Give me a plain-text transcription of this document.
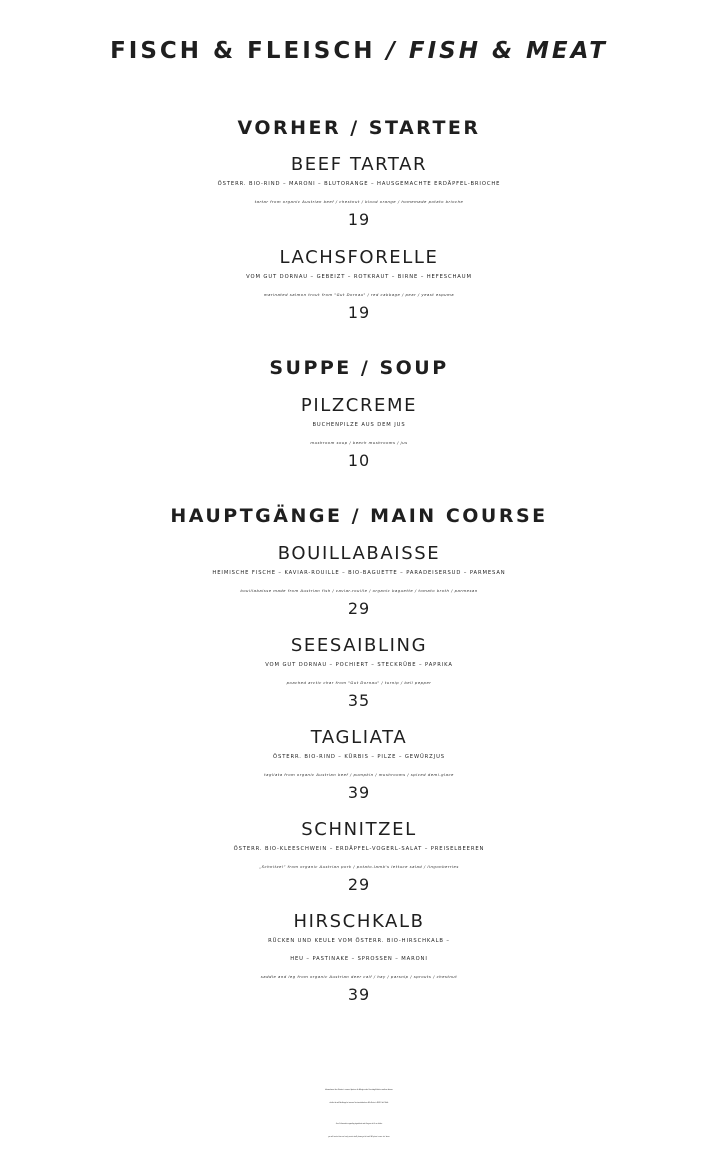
FISCH & FLEISCH / FISH & MEAT
VORHER / STARTER
BEEF TARTAR
ÖSTERR. BIO-RIND – MARONI – BLUTORANGE – HAUSGEMACHTE ERDÄPFEL-BRIOCHE
tartar from organic Austrian beef / chestnut / blood orange / homemade potato brioche
19
LACHSFORELLE
VOM GUT DORNAU – GEBEIZT – ROTKRAUT – BIRNE – HEFESCHAUM
marinated salmon trout from "Gut Dornau" / red cabbage / pear / yeast espuma
19
SUPPE / SOUP
PILZCREME
BUCHENPILZE AUS DEM JUS
mushroom soup / beech mushrooms / jus
10
HAUPTGÄNGE / MAIN COURSE
BOUILLABAISSE
HEIMISCHE FISCHE – KAVIAR-ROUILLE – BIO-BAGUETTE – PARADEISERSUD – PARMESAN
bouillabaisse made from Austrian fish / caviar-rouille / organic baguette / tomato broth / parmesan
29
SEESAIBLING
VOM GUT DORNAU – POCHIERT – STECKRÜBE – PAPRIKA
poached arctic char from "Gut Dornau" / turnip / bell pepper
35
TAGLIATA
ÖSTERR. BIO-RIND – KÜRBIS – PILZE – GEWÜRZJUS
tagliata from organic Austrian beef / pumpkin / mushrooms / spiced demi-glace
39
SCHNITZEL
ÖSTERR. BIO-KLEESCHWEIN – ERDÄPFEL-VOGERL-SALAT – PREISELBEEREN
„Schnitzel“ from organic Austrian pork / potato-lamb's lettuce salad / lingonberries
29
HIRSCHKALB
RÜCKEN UND KEULE VOM ÖSTERR. BIO-HIRSCHKALB –
HEU – PASTINAKE – SPROSSEN – MARONI
saddle and leg from organic Austrian deer calf / hay / parsnip / sprouts / chestnut
39
Informationen über Zutaten in unseren Speisen, die Allergien oder Unverträglichkeiten auslösen können,
erhältst du auf Nachfrage bei unseren Servicemitarbeitern. Alle Preise in EURO, Inkl. MwSt.
For all information regarding ingredients and allergens of all our dishes
you will receive from our lovely service staff, please get in touch! All prices in euro, incl. taxes.
